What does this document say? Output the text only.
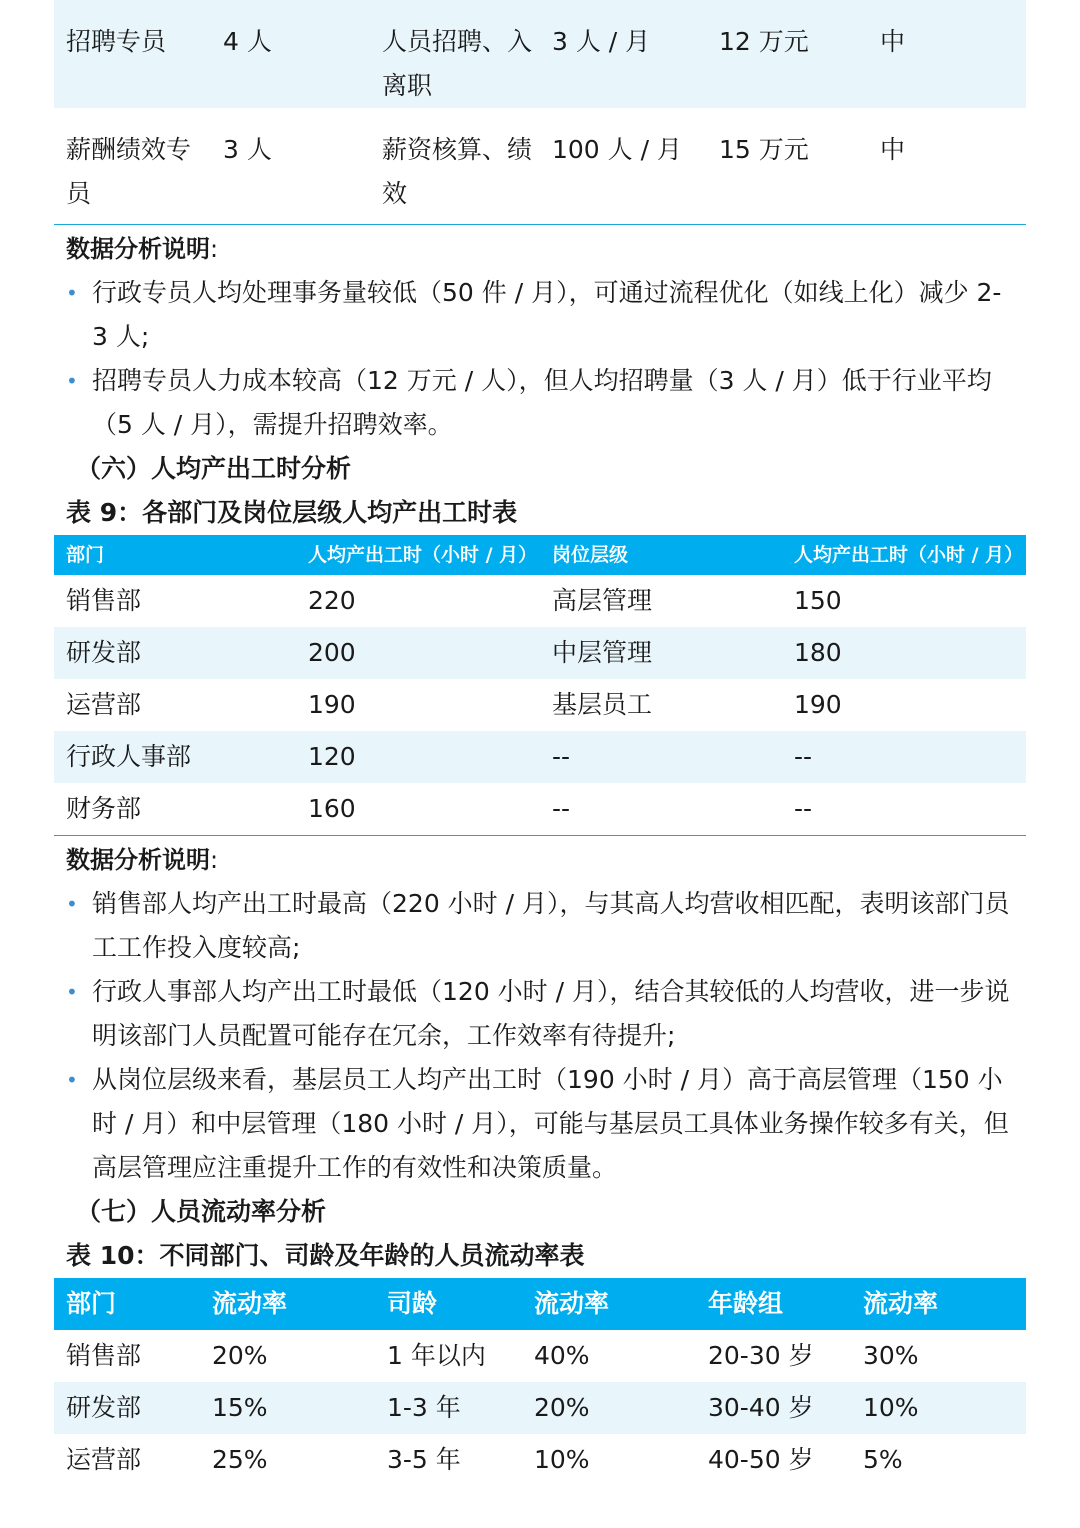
招聘专员	4 人	人员招聘、入离职	3 人 / 月	12 万元	中
薪酬绩效专员	3 人	薪资核算、绩效	100 人 / 月	15 万元	中
数据分析说明:
• 行政专员人均处理事务量较低（50 件 / 月），可通过流程优化（如线上化）减少 2-3 人;
• 招聘专员人力成本较高（12 万元 / 人），但人均招聘量（3 人 / 月）低于行业平均（5 人 / 月），需提升招聘效率。
（六）人均产出工时分析
表 9：各部门及岗位层级人均产出工时表
部门	人均产出工时（小时 / 月）	岗位层级	人均产出工时（小时 / 月）
销售部	220	高层管理	150
研发部	200	中层管理	180
运营部	190	基层员工	190
行政人事部	120	--	--
财务部	160	--	--
数据分析说明:
• 销售部人均产出工时最高（220 小时 / 月），与其高人均营收相匹配，表明该部门员工工作投入度较高;
• 行政人事部人均产出工时最低（120 小时 / 月），结合其较低的人均营收，进一步说明该部门人员配置可能存在冗余，工作效率有待提升;
• 从岗位层级来看，基层员工人均产出工时（190 小时 / 月）高于高层管理（150 小时 / 月）和中层管理（180 小时 / 月），可能与基层员工具体业务操作较多有关，但高层管理应注重提升工作的有效性和决策质量。
（七）人员流动率分析
表 10：不同部门、司龄及年龄的人员流动率表
部门	流动率	司龄	流动率	年龄组	流动率
销售部	20%	1 年以内	40%	20-30 岁	30%
研发部	15%	1-3 年	20%	30-40 岁	10%
运营部	25%	3-5 年	10%	40-50 岁	5%
